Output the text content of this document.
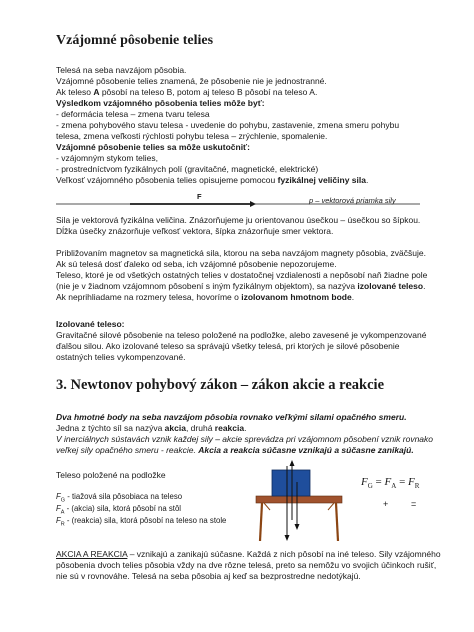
Vzájomné pôsobenie telies
Telesá na seba navzájom pôsobia.
Vzájomné pôsobenie telies znamená, že pôsobenie nie je jednostranné.
Ak teleso A pôsobí na teleso B, potom aj teleso B pôsobí na teleso A.
Výsledkom vzájomného pôsobenia telies môže byť:
- deformácia telesa – zmena tvaru telesa
- zmena pohybového stavu telesa - uvedenie do pohybu, zastavenie, zmena smeru pohybu
telesa, zmena veľkosti rýchlosti pohybu telesa – zrýchlenie, spomalenie.
Vzájomné pôsobenie telies sa môže uskutočniť:
- vzájomným stykom telies,
- prostredníctvom fyzikálnych polí (gravitačné, magnetické, elektrické)
Veľkosť vzájomného pôsobenia telies opisujeme pomocou fyzikálnej veličiny sila.
F	p – vektorová priamka sily
Sila je vektorová fyzikálna veličina. Znázorňujeme ju orientovanou úsečkou – úsečkou so šípkou.
Dĺžka úsečky znázorňuje veľkosť vektora, šípka znázorňuje smer vektora.
Približovaním magnetov sa magnetická sila, ktorou na seba navzájom magnety pôsobia, zväčšuje.
Ak sú telesá dosť ďaleko od seba, ich vzájomné pôsobenie nepozorujeme.
Teleso, ktoré je od všetkých ostatných telies v dostatočnej vzdialenosti a nepôsobí naň žiadne pole
(nie je v žiadnom vzájomnom pôsobení s iným fyzikálnym objektom), sa nazýva izolované teleso.
Ak neprihliadame na rozmery telesa, hovoríme o izolovanom hmotnom bode.
Izolované teleso:
Gravitačné silové pôsobenie na teleso položené na podložke, alebo zavesené je vykompenzované
ďalšou silou. Ako izolované teleso sa správajú všetky telesá, pri ktorých je silové pôsobenie
ostatných telies vykompenzované.
3. Newtonov pohybový zákon – zákon akcie a reakcie
Dva hmotné body na seba navzájom pôsobia rovnako veľkými silami opačného smeru.
Jedna z týchto síl sa nazýva akcia, druhá reakcia.
V inerciálnych sústavách vznik každej sily – akcie sprevádza pri vzájomnom pôsobení vznik rovnako
veľkej sily opačného smeru - reakcie. Akcia a reakcia súčasne vznikajú a súčasne zanikajú.
Teleso položené na podložke
$F_G$ - tiažová sila pôsobiaca na teleso
$F_A$ - (akcia) sila, ktorá pôsobí na stôl
$F_R$ - (reakcia) sila, ktorá pôsobí na teleso na stole
$F_G = F_A = F_R$
+	=
AKCIA A REAKCIA – vznikajú a zanikajú súčasne. Každá z nich pôsobí na iné teleso. Sily vzájomného
pôsobenia dvoch telies pôsobia vždy na dve rôzne telesá, preto sa nemôžu vo svojich účinkoch rušiť,
nie sú v rovnováhe. Telesá na seba pôsobia aj keď sa bezprostredne nedotýkajú.
